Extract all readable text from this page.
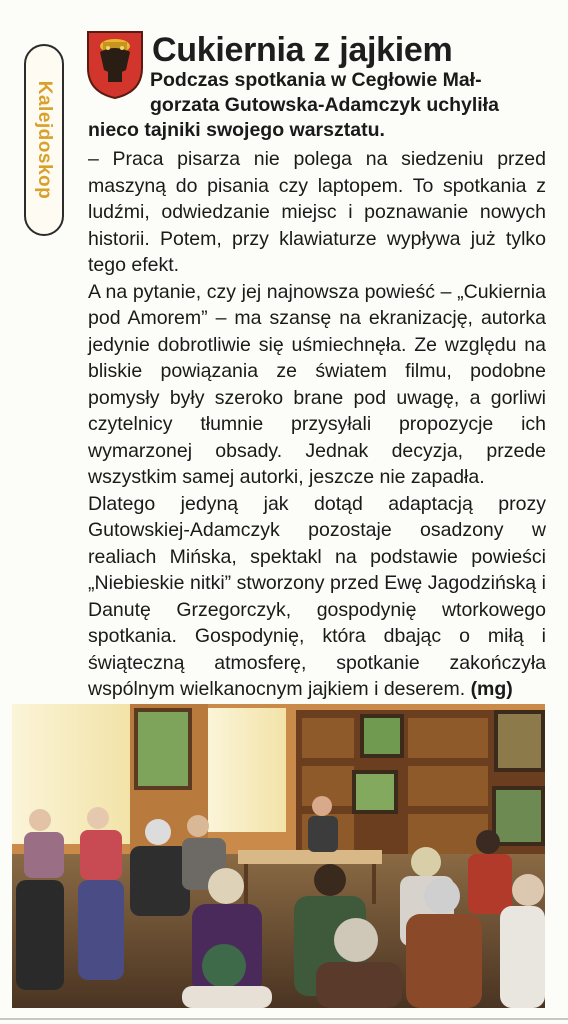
Kalejdoskop
Cukiernia z jajkiem
Podczas spotkania w Cegłowie Mał-
gorzata Gutowska-Adamczyk uchyliła
nieco tajniki swojego warsztatu.

– Praca pisarza nie polega na siedzeniu przed maszyną do pisania czy laptopem. To spotkania z ludźmi, odwiedzanie miejsc i poznawanie nowych historii. Potem, przy klawiaturze wypływa już tylko tego efekt.

A na pytanie, czy jej najnowsza powieść – „Cukiernia pod Amorem” – ma szansę na ekranizację, autorka jedynie dobrotliwie się uśmiechnęła. Ze względu na bliskie powiązania ze światem filmu, podobne pomysły były szeroko brane pod uwagę, a gorliwi czytelnicy tłumnie przysyłali propozycje ich wymarzonej obsady. Jednak decyzja, przede wszystkim samej autorki, jeszcze nie zapadła.

Dlatego jedyną jak dotąd adaptacją prozy Gutowskiej-Adamczyk pozostaje osadzony w realiach Mińska, spektakl na podstawie powieści „Niebieskie nitki” stworzony przed Ewę Jagodzińską i Danutę Grzegorczyk, gospodynię wtorkowego spotkania. Gospodynię, która dbając o miłą i świąteczną atmosferę, spotkanie zakończyła wspólnym wielkanocnym jajkiem i deserem. (mg)
